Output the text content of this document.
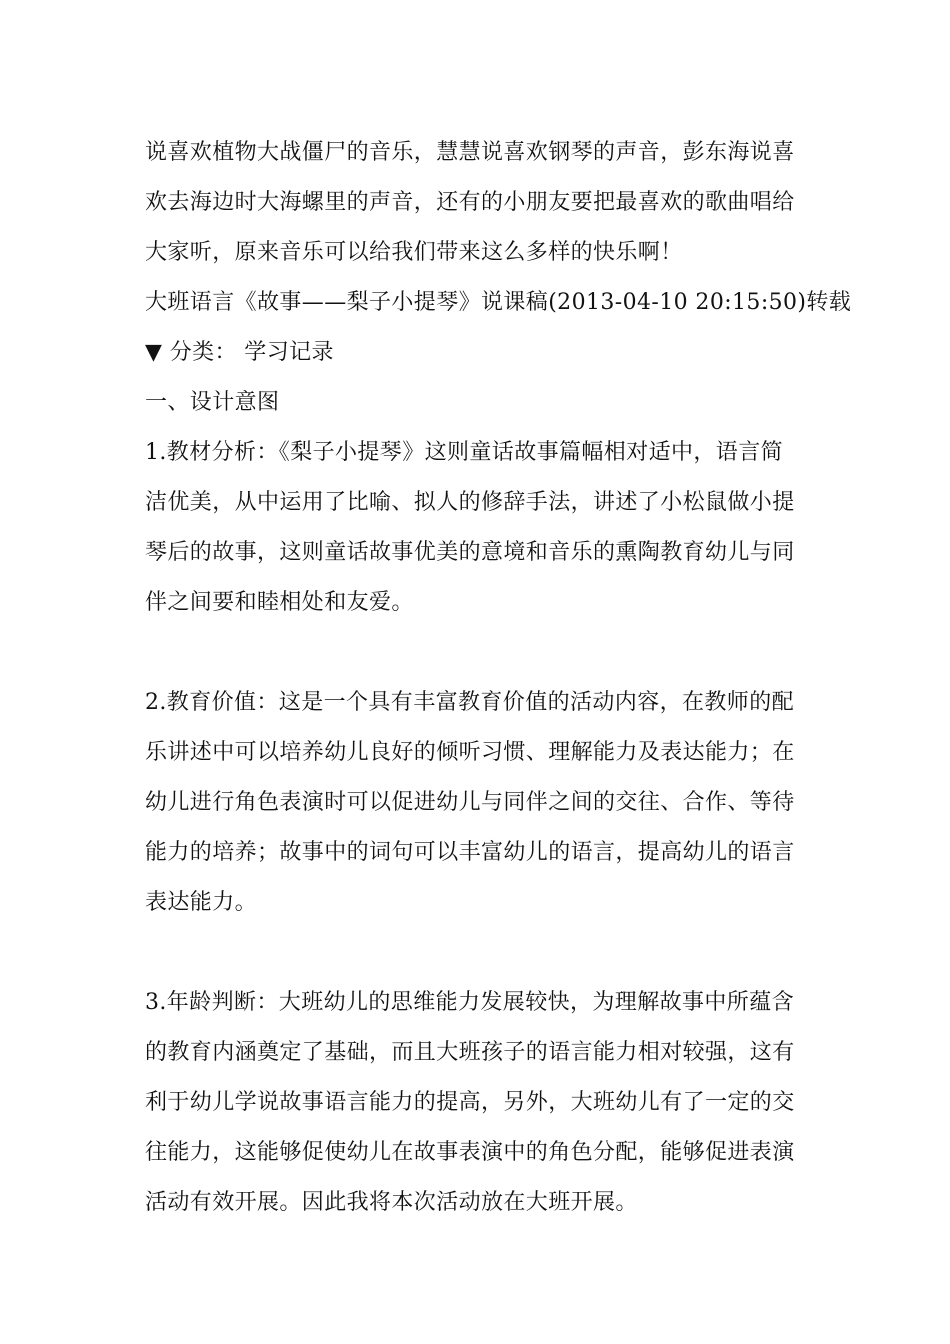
说喜欢植物大战僵尸的音乐，慧慧说喜欢钢琴的声音，彭东海说喜
欢去海边时大海螺里的声音，还有的小朋友要把最喜欢的歌曲唱给
大家听，原来音乐可以给我们带来这么多样的快乐啊！
大班语言《故事——梨子小提琴》说课稿(2013-04-10 20:15:50)转载
▼ 分类： 学习记录
一、设计意图
1.教材分析：《梨子小提琴》这则童话故事篇幅相对适中，语言简
洁优美，从中运用了比喻、拟人的修辞手法，讲述了小松鼠做小提
琴后的故事，这则童话故事优美的意境和音乐的熏陶教育幼儿与同
伴之间要和睦相处和友爱。
2.教育价值：这是一个具有丰富教育价值的活动内容，在教师的配
乐讲述中可以培养幼儿良好的倾听习惯、理解能力及表达能力；在
幼儿进行角色表演时可以促进幼儿与同伴之间的交往、合作、等待
能力的培养；故事中的词句可以丰富幼儿的语言，提高幼儿的语言
表达能力。
3.年龄判断：大班幼儿的思维能力发展较快，为理解故事中所蕴含
的教育内涵奠定了基础，而且大班孩子的语言能力相对较强，这有
利于幼儿学说故事语言能力的提高，另外，大班幼儿有了一定的交
往能力，这能够促使幼儿在故事表演中的角色分配，能够促进表演
活动有效开展。因此我将本次活动放在大班开展。
